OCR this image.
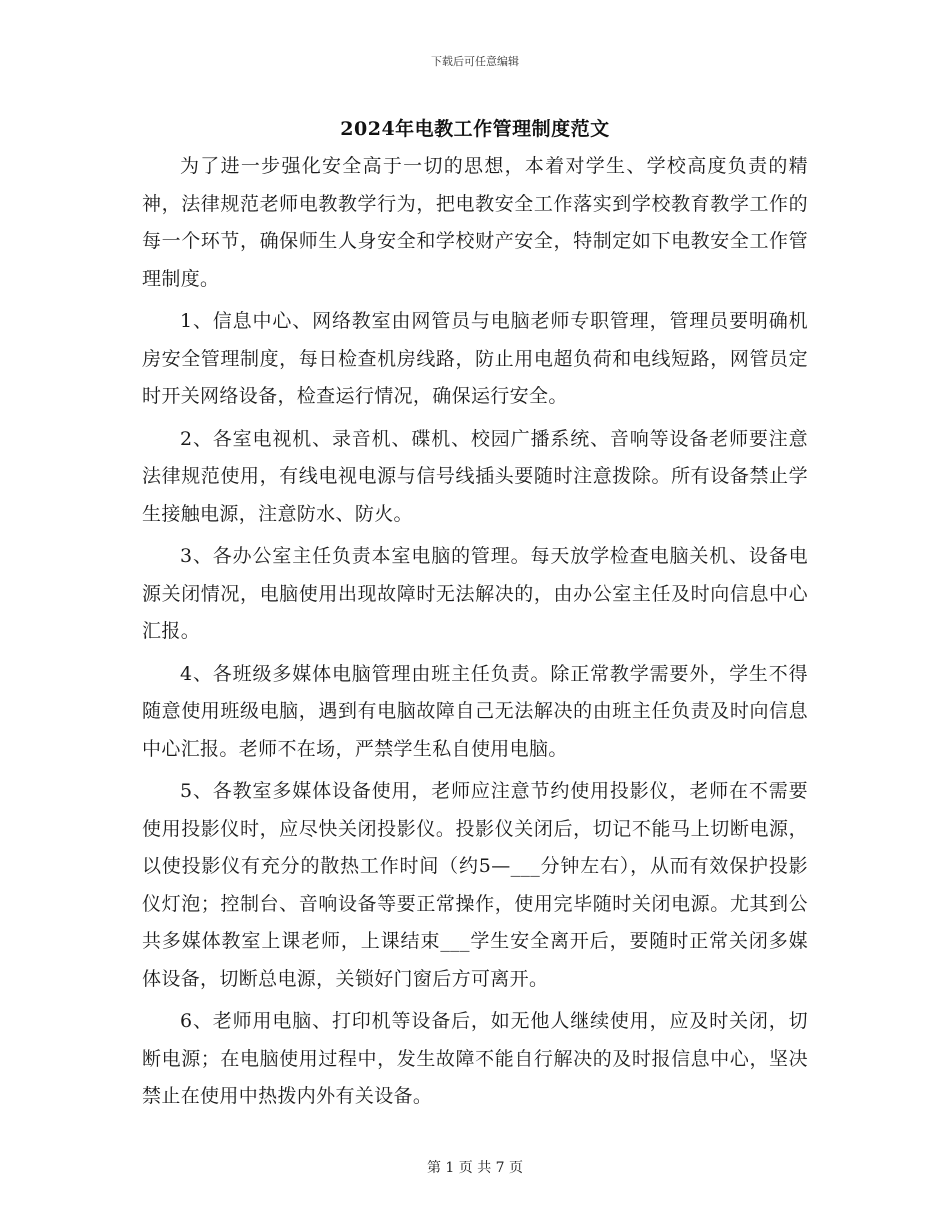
下载后可任意编辑
2024年电教工作管理制度范文

为了进一步强化安全高于一切的思想，本着对学生、学校高度负责的精神，法律规范老师电教教学行为，把电教安全工作落实到学校教育教学工作的每一个环节，确保师生人身安全和学校财产安全，特制定如下电教安全工作管理制度。

1、信息中心、网络教室由网管员与电脑老师专职管理，管理员要明确机房安全管理制度，每日检查机房线路，防止用电超负荷和电线短路，网管员定时开关网络设备，检查运行情况，确保运行安全。

2、各室电视机、录音机、碟机、校园广播系统、音响等设备老师要注意法律规范使用，有线电视电源与信号线插头要随时注意拨除。所有设备禁止学生接触电源，注意防水、防火。

3、各办公室主任负责本室电脑的管理。每天放学检查电脑关机、设备电源关闭情况，电脑使用出现故障时无法解决的，由办公室主任及时向信息中心汇报。

4、各班级多媒体电脑管理由班主任负责。除正常教学需要外，学生不得随意使用班级电脑，遇到有电脑故障自己无法解决的由班主任负责及时向信息中心汇报。老师不在场，严禁学生私自使用电脑。

5、各教室多媒体设备使用，老师应注意节约使用投影仪，老师在不需要使用投影仪时，应尽快关闭投影仪。投影仪关闭后，切记不能马上切断电源，以使投影仪有充分的散热工作时间（约5—___分钟左右），从而有效保护投影仪灯泡；控制台、音响设备等要正常操作，使用完毕随时关闭电源。尤其到公共多媒体教室上课老师，上课结束___学生安全离开后，要随时正常关闭多媒体设备，切断总电源，关锁好门窗后方可离开。

6、老师用电脑、打印机等设备后，如无他人继续使用，应及时关闭，切断电源；在电脑使用过程中，发生故障不能自行解决的及时报信息中心，坚决禁止在使用中热拨内外有关设备。

第 1 页 共 7 页
